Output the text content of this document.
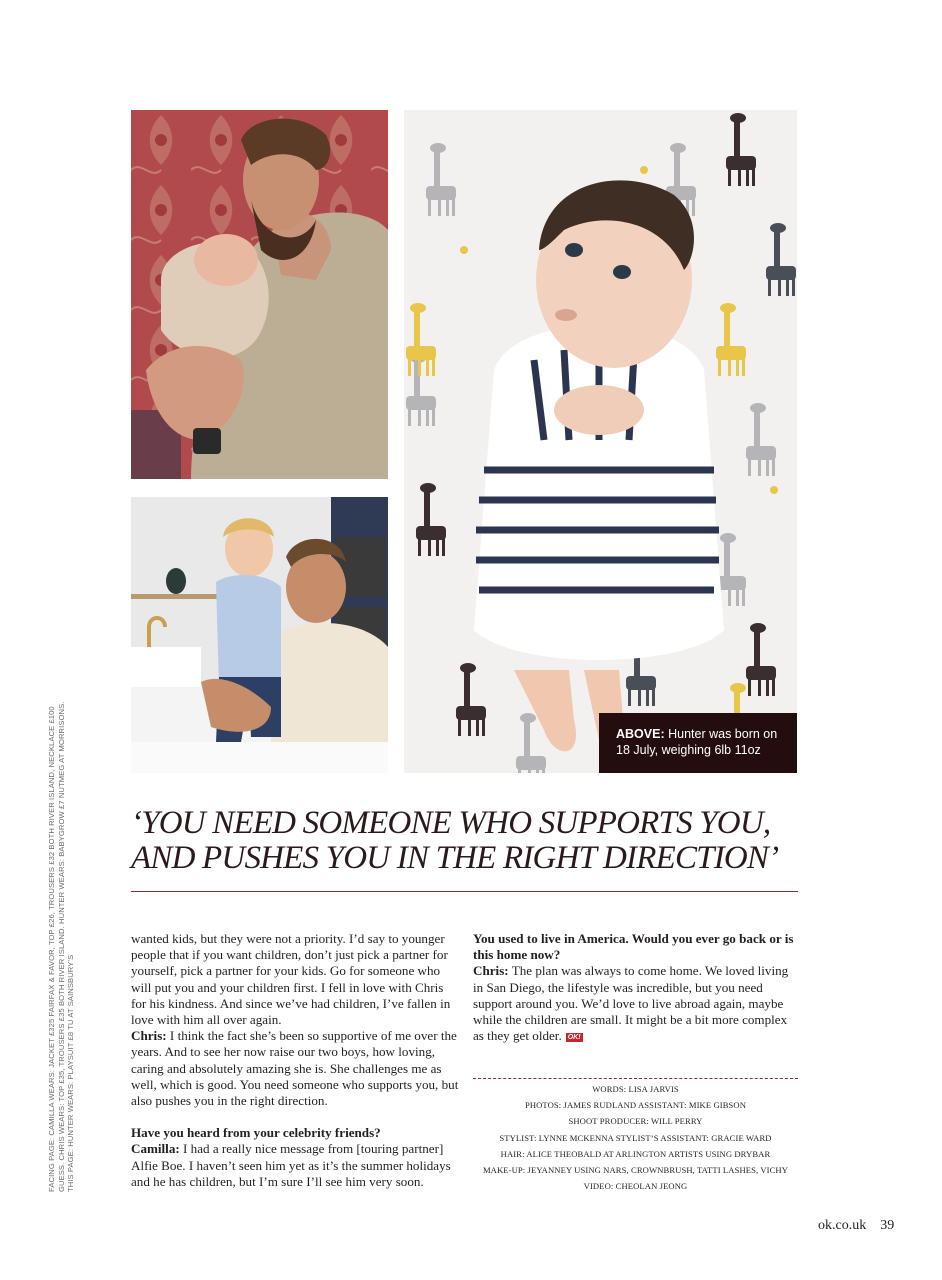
ABOVE: Hunter was born on
18 July, weighing 6lb 11oz
‘YOU NEED SOMEONE WHO SUPPORTS YOU,
AND PUSHES YOU IN THE RIGHT DIRECTION’

wanted kids, but they were not a priority. I’d say to younger people that if you want children, don’t just pick a partner for yourself, pick a partner for your kids. Go for someone who will put you and your children first. I fell in love with Chris for his kindness. And since we’ve had children, I’ve fallen in love with him all over again.

Chris: I think the fact she’s been so supportive of me over the years. And to see her now raise our two boys, how loving, caring and absolutely amazing she is. She challenges me as well, which is good. You need someone who supports you, but also pushes you in the right direction.

Have you heard from your celebrity friends?

Camilla: I had a really nice message from [touring partner] Alfie Boe. I haven’t seen him yet as it’s the summer holidays and he has children, but I’m sure I’ll see him very soon.

You used to live in America. Would you ever go back or is this home now?

Chris: The plan was always to come home. We loved living in San Diego, the lifestyle was incredible, but you need support around you. We’d love to live abroad again, maybe while the children are small. It might be a bit more complex as they get older. OK!

WORDS: LISA JARVIS
PHOTOS: JAMES RUDLAND ASSISTANT: MIKE GIBSON
SHOOT PRODUCER: WILL PERRY
STYLIST: LYNNE MCKENNA STYLIST’S ASSISTANT: GRACIE WARD
HAIR: ALICE THEOBALD AT ARLINGTON ARTISTS USING DRYBAR
MAKE-UP: JEYANNEY USING NARS, CROWNBRUSH, TATTI LASHES, VICHY
VIDEO: CHEOLAN JEONG
FACING PAGE: CAMILLA WEARS: JACKET £325 FAIRFAX & FAVOR, TOP £26, TROUSERS £32 BOTH RIVER ISLAND, NECKLACE £100 GUESS. CHRIS WEARS: TOP £35, TROUSERS £35 BOTH RIVER ISLAND. HUNTER WEARS: BABYGROW £7 NUTMEG AT MORRISONS. THIS PAGE: HUNTER WEARS: PLAYSUIT £8 TU AT SAINSBURY’S
ok.co.uk 39
